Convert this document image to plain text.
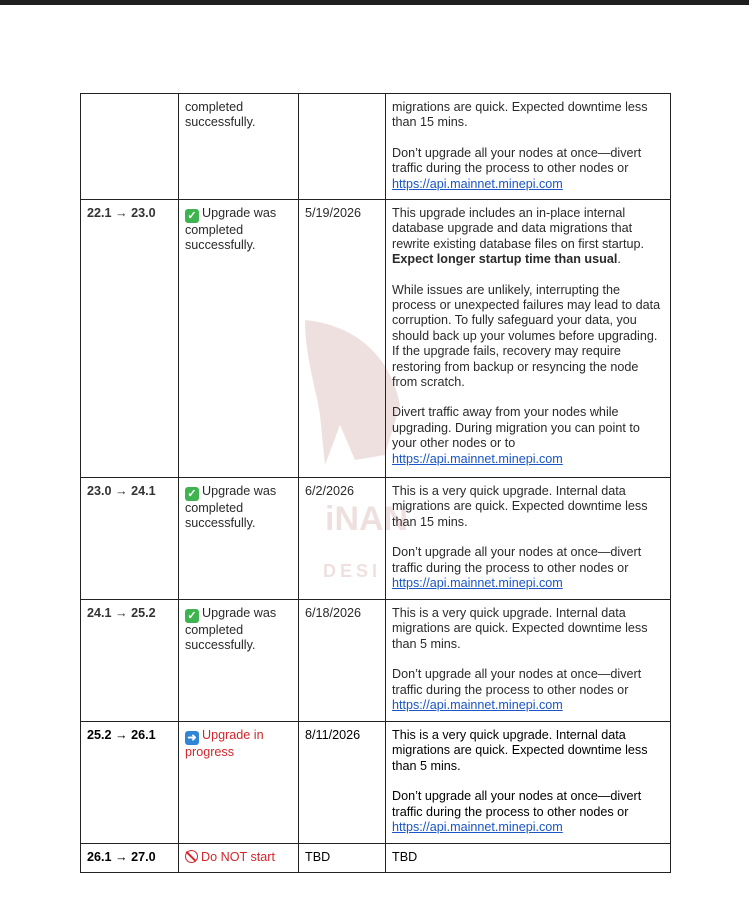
	completed successfully.		migrations are quick. Expected downtime less than 15 mins.

Don’t upgrade all your nodes at once—divert traffic during the process to other nodes or
https://api.mainnet.minepi.com

22.1 → 23.0	✓ Upgrade was completed successfully.	5/19/2026	This upgrade includes an in-place internal database upgrade and data migrations that rewrite existing database files on first startup. Expect longer startup time than usual.

While issues are unlikely, interrupting the process or unexpected failures may lead to data corruption. To fully safeguard your data, you should back up your volumes before upgrading. If the upgrade fails, recovery may require restoring from backup or resyncing the node from scratch.

Divert traffic away from your nodes while upgrading. During migration you can point to your other nodes or to
https://api.mainnet.minepi.com

23.0 → 24.1	✓ Upgrade was completed successfully.	6/2/2026	This is a very quick upgrade. Internal data migrations are quick. Expected downtime less than 15 mins.

Don’t upgrade all your nodes at once—divert traffic during the process to other nodes or
https://api.mainnet.minepi.com

24.1 → 25.2	✓ Upgrade was completed successfully.	6/18/2026	This is a very quick upgrade. Internal data migrations are quick. Expected downtime less than 5 mins.

Don’t upgrade all your nodes at once—divert traffic during the process to other nodes or
https://api.mainnet.minepi.com

25.2 → 26.1	➜ Upgrade in progress	8/11/2026	This is a very quick upgrade. Internal data migrations are quick. Expected downtime less than 5 mins.

Don’t upgrade all your nodes at once—divert traffic during the process to other nodes or
https://api.mainnet.minepi.com

26.1 → 27.0	Do NOT start	TBD	TBD
iNAN
DESI
